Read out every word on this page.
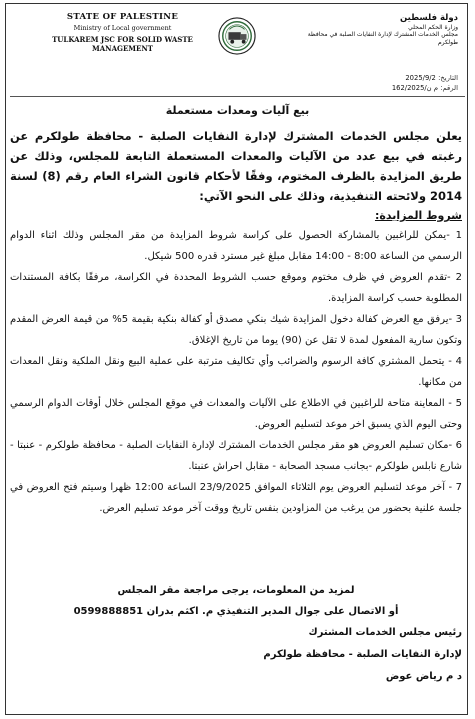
STATE OF PALESTINE
Ministry of Local government
TULKAREM JSC FOR SOLID WASTE MANAGEMENT
دولة فلسطين
وزارة الحكم المحلي
مجلس الخدمات المشترك لإدارة النفايات الصلبة في محافظة طولكرم
التاريخ: 2025/9/2
الرقم: م ن/162/2025
بيع آليات ومعدات مستعملة
يعلن مجلس الخدمات المشترك لإدارة النفايات الصلبة - محافظة طولكرم عن رغبته في بيع عدد من الآليات والمعدات المستعملة التابعة للمجلس، وذلك عن طريق المزايدة بالظرف المختوم، وفقًا لأحكام قانون الشراء العام رقم (8) لسنة 2014 ولائحته التنفيذية، وذلك على النحو الآتي:
شروط المزايدة:
1 -يمكن للراغبين بالمشاركة الحصول على كراسة شروط المزايدة من مقر المجلس وذلك اثناء الدوام الرسمي من الساعة 8:00 - 14:00 مقابل مبلغ غير مسترد قدره 500 شيكل.
2 -تقدم العروض في ظرف مختوم وموقع حسب الشروط المحددة في الكراسة، مرفقًا بكافة المستندات المطلوبة حسب كراسة المزايدة.
3 -يرفق مع العرض كفالة دخول المزايدة شيك بنكي مصدق أو كفالة بنكية بقيمة 5% من قيمة العرض المقدم وتكون سارية المفعول لمدة لا تقل عن (90) يوما من تاريخ الإغلاق.
4 - يتحمل المشتري كافة الرسوم والضرائب وأي تكاليف مترتبة على عملية البيع ونقل الملكية ونقل المعدات من مكانها.
5 - المعاينة متاحة للراغبين في الاطلاع على الآليات والمعدات في موقع المجلس خلال أوقات الدوام الرسمي وحتى اليوم الذي يسبق اخر موعد لتسليم العروض.
6 -مكان تسليم العروض هو مقر مجلس الخدمات المشترك لإدارة النفايات الصلبة - محافظة طولكرم - عنبتا - شارع نابلس طولكرم -بجانب مسجد الصحابة - مقابل احراش عنبتا.
7 - آخر موعد لتسليم العروض يوم الثلاثاء الموافق 23/9/2025 الساعة 12:00 ظهرا وسيتم فتح العروض في جلسة علنية بحضور من يرغب من المزاودين بنفس تاريخ ووقت آخر موعد تسليم العرض.
لمزيد من المعلومات، يرجى مراجعة مقر المجلس
أو الاتصال على جوال المدير التنفيذي م. اكثم بدران 0599888851
رئيس مجلس الخدمات المشترك
لإدارة النفايات الصلبة - محافظة طولكرم
د م رياض عوض
